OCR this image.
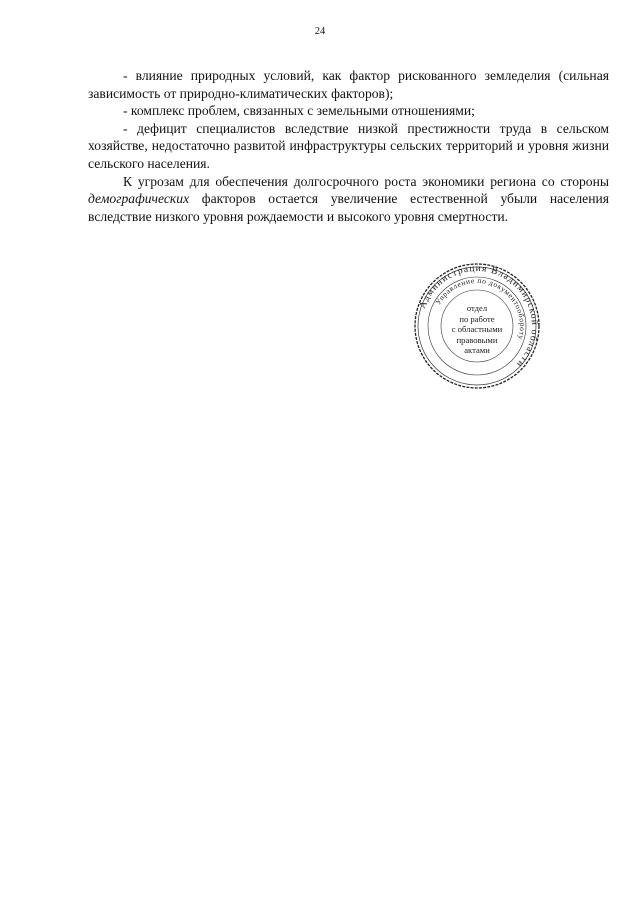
24

- влияние природных условий, как фактор рискованного земледелия (сильная зависимость от природно-климатических факторов);

- комплекс проблем, связанных с земельными отношениями;

- дефицит специалистов вследствие низкой престижности труда в сельском хозяйстве, недостаточно развитой инфраструктуры сельских территорий и уровня жизни сельского населения.

К угрозам для обеспечения долгосрочного роста экономики региона со стороны демографических факторов остается увеличение естественной убыли населения вследствие низкого уровня рождаемости и высокого уровня смертности.

Администрация Владимирской области
Управление по документообороту
отдел
по работе
с областными
правовыми
актами
